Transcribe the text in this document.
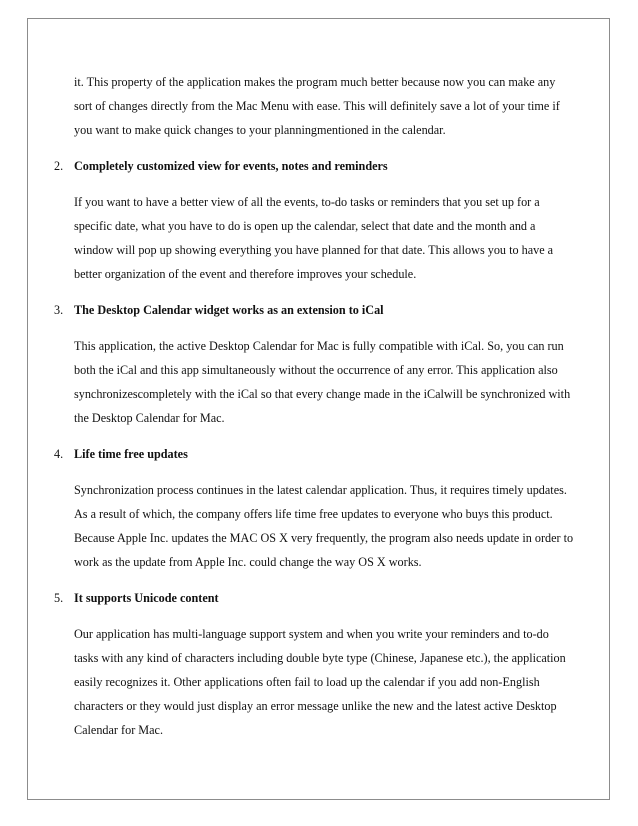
it. This property of the application makes the program much better because now you can make any sort of changes directly from the Mac Menu with ease. This will definitely save a lot of your time if you want to make quick changes to your planningmentioned in the calendar.

2. Completely customized view for events, notes and reminders

If you want to have a better view of all the events, to-do tasks or reminders that you set up for a specific date, what you have to do is open up the calendar, select that date and the month and a window will pop up showing everything you have planned for that date. This allows you to have a better organization of the event and therefore improves your schedule.

3. The Desktop Calendar widget works as an extension to iCal

This application, the active Desktop Calendar for Mac is fully compatible with iCal. So, you can run both the iCal and this app simultaneously without the occurrence of any error. This application also synchronizescompletely with the iCal so that every change made in the iCalwill be synchronized with the Desktop Calendar for Mac.

4. Life time free updates

Synchronization process continues in the latest calendar application. Thus, it requires timely updates. As a result of which, the company offers life time free updates to everyone who buys this product. Because Apple Inc. updates the MAC OS X very frequently, the program also needs update in order to work as the update from Apple Inc. could change the way OS X works.

5. It supports Unicode content

Our application has multi-language support system and when you write your reminders and to-do tasks with any kind of characters including double byte type (Chinese, Japanese etc.), the application easily recognizes it. Other applications often fail to load up the calendar if you add non-English characters or they would just display an error message unlike the new and the latest active Desktop Calendar for Mac.
